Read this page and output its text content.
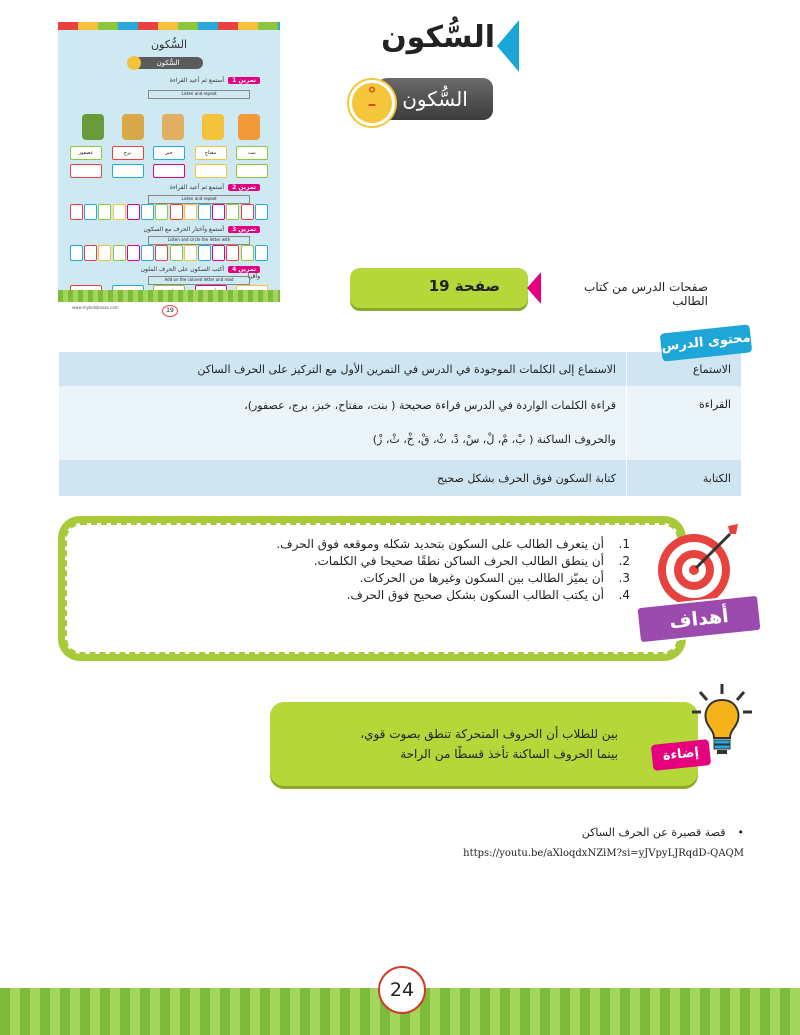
السُّكون
السُّكون
تمرين 1أستمع ثم أعيد القراءة
Listen and repeat
عصفور	برج	خبز	مفتاح	بنت
تمرين 2أستمع ثم أعيد القراءة
Listen and repeat
تمرين 3أستمع وأختار الحرف مع السكون
Listen and circle the letter with
تمرين 4أكتب السكون على الحرف الملون وأقرأ
Add on the colored letter and read
www.mykidsbooks.com	19
السُّكون
السُّكون
ـْ
صفحة 19	صفحات الدرس من كتاب الطالب
الاستماع	الاستماع إلى الكلمات الموجودة في الدرس في التمرين الأول مع التركيز على الحرف الساكن
القراءة	قراءة الكلمات الواردة في الدرس قراءة صحيحة ( بنت، مفتاح، خبز، برج، عصفور)،

والحروف الساكنة ( بْ، مْ، لْ، سْ، دْ، ثْ، قْ، خْ، ثْ، زْ)

الكتابة	كتابة السكون فوق الحرف بشكل صحيح
محتوى الدرس
1.
أن يتعرف الطالب على السكون بتحديد شكله وموقعه فوق الحرف.
2.
أن ينطق الطالب الحرف الساكن نطقًا صحيحا في الكلمات.
3.
أن يميّز الطالب بين السكون وغيرها من الحركات.
4.
أن يكتب الطالب السكون بشكل صحيح فوق الحرف.
أهداف الدرس
بين للطلاب أن الحروف المتحركة تنطق بصوت قوي،
بينما الحروف الساكنة تأخذ قسطًا من الراحة	إضاءة
•قصة قصيرة عن الحرف الساكن
https://youtu.be/aXloqdxNZlM?si=yJVpyLJRqdD-QAQM
24
